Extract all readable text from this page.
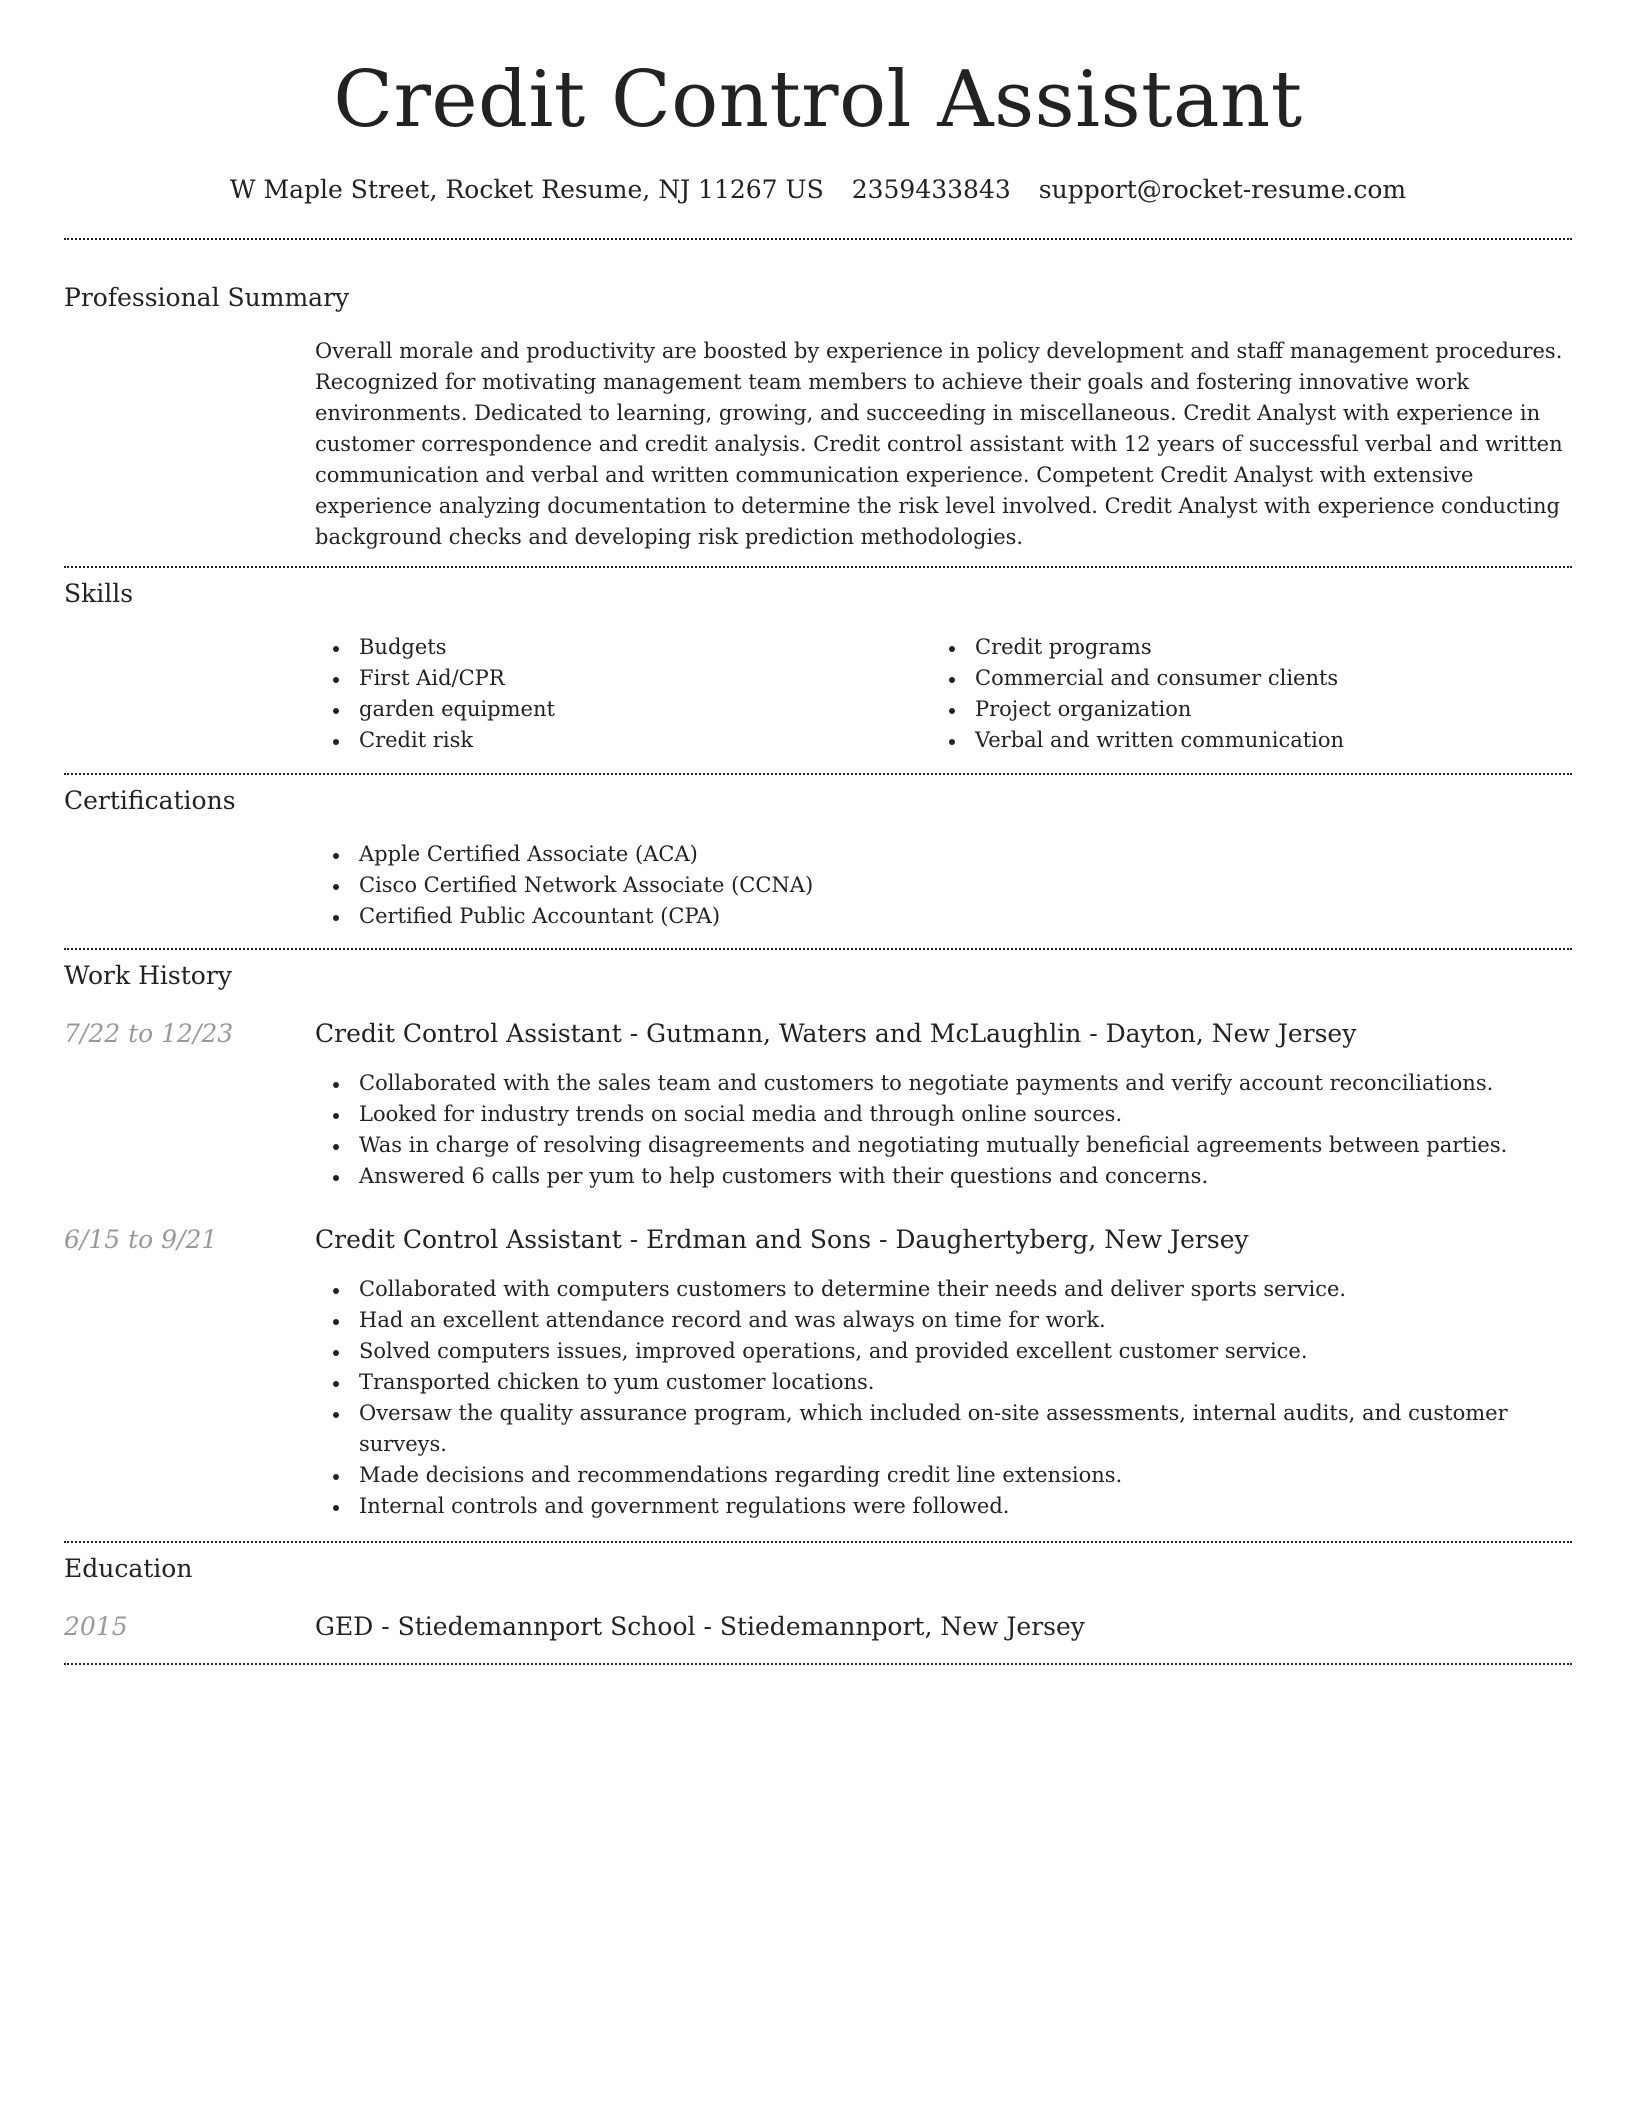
Credit Control Assistant
W Maple Street, Rocket Resume, NJ 11267 US 2359433843 support@rocket-resume.com
Professional Summary
Overall morale and productivity are boosted by experience in policy development and staff management procedures. Recognized for motivating management team members to achieve their goals and fostering innovative work environments. Dedicated to learning, growing, and succeeding in miscellaneous. Credit Analyst with experience in customer correspondence and credit analysis. Credit control assistant with 12 years of successful verbal and written communication and verbal and written communication experience. Competent Credit Analyst with extensive experience analyzing documentation to determine the risk level involved. Credit Analyst with experience conducting background checks and developing risk prediction methodologies.
Skills
Budgets
First Aid/CPR
garden equipment
Credit risk
Credit programs
Commercial and consumer clients
Project organization
Verbal and written communication
Certifications
Apple Certified Associate (ACA)
Cisco Certified Network Associate (CCNA)
Certified Public Accountant (CPA)
Work History
7/22 to 12/23	Credit Control Assistant - Gutmann, Waters and McLaughlin - Dayton, New Jersey
Collaborated with the sales team and customers to negotiate payments and verify account reconciliations.
Looked for industry trends on social media and through online sources.
Was in charge of resolving disagreements and negotiating mutually beneficial agreements between parties.
Answered 6 calls per yum to help customers with their questions and concerns.
6/15 to 9/21	Credit Control Assistant - Erdman and Sons - Daughertyberg, New Jersey
Collaborated with computers customers to determine their needs and deliver sports service.
Had an excellent attendance record and was always on time for work.
Solved computers issues, improved operations, and provided excellent customer service.
Transported chicken to yum customer locations.
Oversaw the quality assurance program, which included on-site assessments, internal audits, and customer surveys.
Made decisions and recommendations regarding credit line extensions.
Internal controls and government regulations were followed.
Education
2015	GED - Stiedemannport School - Stiedemannport, New Jersey
